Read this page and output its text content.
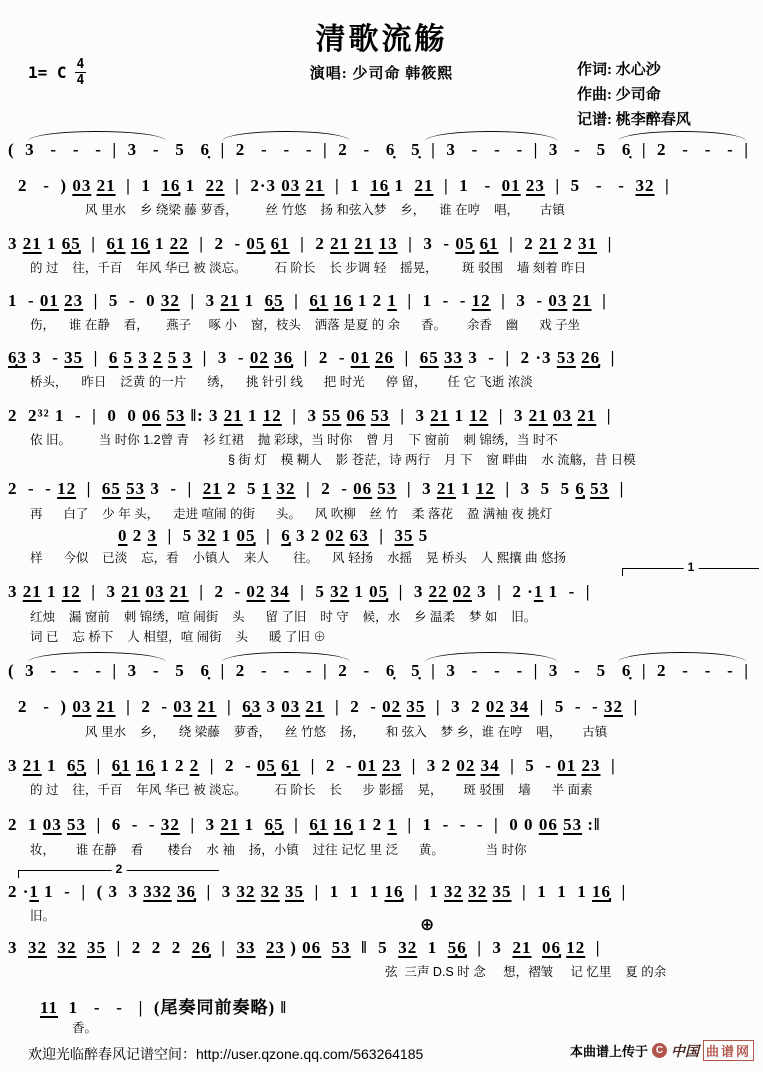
清歌流觞
1= C $\frac{4}{4}$	演唱: 少司命 韩筱熙	作词: 水心沙
作曲: 少司命
记谱: 桃李醉春风
(  3   -   -   -  |  3   -   5   6̣  |  2   -   -   -  |  2   -   6̣   5̣  |  3   -   -   -  |  3   -   5   6̣  |  2   -   -   -  |
2   -  ) 03 21  |  1  16̣ 1  22  |  2·3 03 21  |  1  16̣ 1  21  |  1   -  01 23  |  5   -   -  32  |
风 里水    乡 绕梁 藤 萝香，        丝 竹悠    扬 和弦入梦    乡，    谁 在哼    唱，      古镇
3 21 1 6̣5̣  |  6̣1 16̣ 1 22  |  2  - 05̣ 6̣1  |  2 21 21 13  |  3  - 05̣ 6̣1  |  2 21 2 31  |
的 过    往，千百    年风 华已 被 淡忘。        石 阶长    长 步调 轻    摇晃，       斑 驳围    墙 刻着 昨日
1  - 01 23  |  5  -  0 32  |  3 21 1  6̣5̣  |  6̣1 16̣ 1 2 1  |  1  -  - 12  |  3  - 03 21  |
伤，    谁 在静    看，     燕子     啄 小    窗，枝头    洒落 是夏 的 余      香。      余香    幽      戏 子坐
6̣3 3  - 35  |  6 5 3 2 5 3  |  3  - 02 36̣  |  2  - 01 26  |  65 33 3  -  |  2 ·3 53 26̣  |
桥头，    昨日    泛黄 的一片      绣，    挑 针引 线      把 时光      停 留，      任 它 飞逝 浓淡
2  2³² 1  -  |  0  0 06 53 ‖: 3 21 1 12  |  3 55 06 53  |  3 21 1 12  |  3 21 03 21  |
依 旧。        当 时你 1.2曾 青    衫 红裙    抛 彩球，当 时你    曾 月    下 窗前    刺 锦绣，当 时不
§ 街 灯    模 糊人    影 苍茫，诗 两行    月 下    窗 畔曲    水 流觞，昔 日模
2  -  - 12  |  65 53 3  -  |  21 2  5 1 32  |  2  - 06 53  |  3 21 1 12  |  3  5  5 6̣ 53  |
再      白了    少 年 头，    走进 喧闹 的街      头。    风 吹柳    丝 竹    柔 落花    盈 满袖 夜 挑灯
0 2 3  |  5 32 1 05̣  |  6̣ 3 2 02 63  |  35 5
样      今似    已淡    忘，看    小镇人    来人       往。    风 轻扬    水摇    晃 桥头    人 熙攘 曲 悠扬
3 21 1 12  |  3 21 03 21  |  2  - 02 34  |  5 32 1 05̣  |  3 22 02 3  |  2 ·1 1  -  |
红烛    漏 窗前    刺 锦绣，喧 闹街    头      留 了旧    时 守    候，水    乡 温柔    梦 如    旧。
词 已    忘 桥下    人 相望，喧 闹街    头      暖 了旧 ⊕
(  3   -   -   -  |  3   -   5   6̣  |  2   -   -   -  |  2   -   6̣   5̣  |  3   -   -   -  |  3   -   5   6̣  |  2   -   -   -  |
2   -  ) 03 21  |  2  - 03 21  |  6̣3 3 03 21  |  2  - 02 35  |  3  2 02 34  |  5  -  - 32  |
风 里水    乡，    绕 梁藤    萝香，    丝 竹悠    扬，      和 弦入    梦 乡，谁 在哼    唱，      古镇
3 21 1  6̣5̣  |  6̣1 16̣ 1 2 2  |  2  - 05̣ 6̣1  |  2  - 01 23  |  3 2 02 34  |  5  - 01 23  |
的 过    往，千百    年风 华已 被 淡忘。        石 阶长    长      步 影摇    晃，      斑 驳围    墙      半 面素
2  1 03 53  |  6  -  - 32  |  3 21 1  6̣5̣  |  6̣1 16̣ 1 2 1  |  1  -  -  -  |  0 0 06 53 :‖
妆，      谁 在静    看       楼台    水 袖    扬，小镇    过往 记忆 里 泛      黄。            当 时你
2 ·1 1  -  |  ( 3  3 332 36̣  |  3 32 32 35  |  1  1  1 16̣  |  1 32 32 35  |  1  1  1 16̣  |
旧。
3  32 32 35  |  2  2  2  26̣  |  33 23 ) 06 53  ‖  5  32  1  5̣6̣  |  3  21 06̣ 12  |
弦  三声 D.S 时 念     想，褶皱     记 忆里    夏 的余
11  1   -   -   |  (尾奏同前奏略) ‖
香。
1
2
⊕
欢迎光临醉春风记谱空间：http://user.qzone.qq.com/563264185	本曲谱上传于 C 中国 曲谱网
